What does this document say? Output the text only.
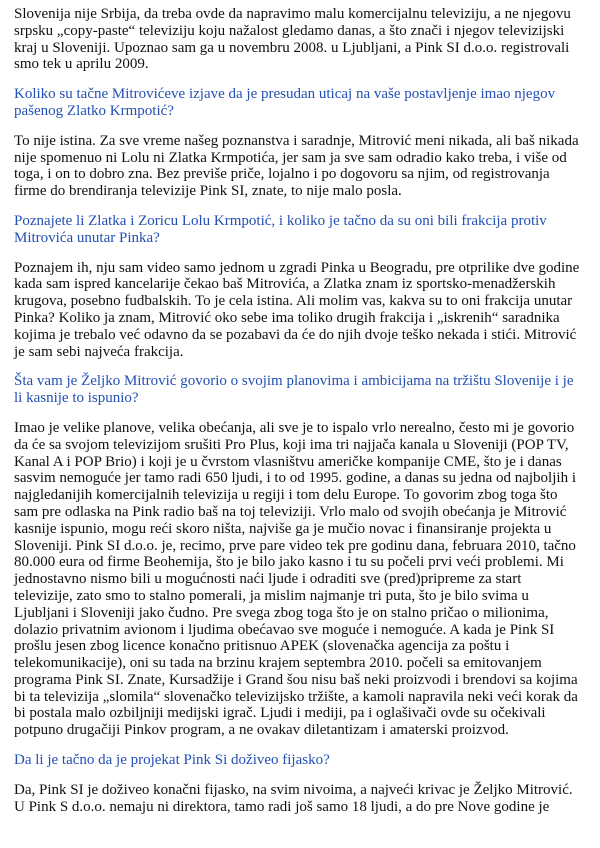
Slovenija nije Srbija, da treba ovde da napravimo malu komercijalnu televiziju, a ne njegovu
srpsku „copy-paste“ televiziju koju nažalost gledamo danas, a što znači i njegov televizijski
kraj u Sloveniji. Upoznao sam ga u novembru 2008. u Ljubljani, a Pink SI d.o.o. registrovali
smo tek u aprilu 2009.
Koliko su tačne Mitrovićeve izjave da je presudan uticaj na vaše postavljenje imao njegov
pašenog Zlatko Krmpotić?
To nije istina. Za sve vreme našeg poznanstva i saradnje, Mitrović meni nikada, ali baš nikada
nije spomenuo ni Lolu ni Zlatka Krmpotića, jer sam ja sve sam odradio kako treba, i više od
toga, i on to dobro zna. Bez previše priče, lojalno i po dogovoru sa njim, od registrovanja
firme do brendiranja televizije Pink SI, znate, to nije malo posla.
Poznajete li Zlatka i Zoricu Lolu Krmpotić, i koliko je tačno da su oni bili frakcija protiv
Mitrovića unutar Pinka?
Poznajem ih, nju sam video samo jednom u zgradi Pinka u Beogradu, pre otprilike dve godine
kada sam ispred kancelarije čekao baš Mitrovića, a Zlatka znam iz sportsko-menadžerskih
krugova, posebno fudbalskih. To je cela istina. Ali molim vas, kakva su to oni frakcija unutar
Pinka? Koliko ja znam, Mitrović oko sebe ima toliko drugih frakcija i „iskrenih“ saradnika
kojima je trebalo već odavno da se pozabavi da će do njih dvoje teško nekada i stići. Mitrović
je sam sebi najveća frakcija.
Šta vam je Željko Mitrović govorio o svojim planovima i ambicijama na tržištu Slovenije i je
li kasnije to ispunio?
Imao je velike planove, velika obećanja, ali sve je to ispalo vrlo nerealno, često mi je govorio
da će sa svojom televizijom srušiti Pro Plus, koji ima tri najjača kanala u Sloveniji (POP TV,
Kanal A i POP Brio) i koji je u čvrstom vlasništvu američke kompanije CME, što je i danas
sasvim nemoguće jer tamo radi 650 ljudi, i to od 1995. godine, a danas su jedna od najboljih i
najgledanijih komercijalnih televizija u regiji i tom delu Europe. To govorim zbog toga što
sam pre odlaska na Pink radio baš na toj televiziji. Vrlo malo od svojih obećanja je Mitrović
kasnije ispunio, mogu reći skoro ništa, najviše ga je mučio novac i finansiranje projekta u
Sloveniji. Pink SI d.o.o. je, recimo, prve pare video tek pre godinu dana, februara 2010, tačno
80.000 eura od firme Beohemija, što je bilo jako kasno i tu su počeli prvi veći problemi. Mi
jednostavno nismo bili u mogućnosti naći ljude i odraditi sve (pred)pripreme za start
televizije, zato smo to stalno pomerali, ja mislim najmanje tri puta, što je bilo svima u
Ljubljani i Sloveniji jako čudno. Pre svega zbog toga što je on stalno pričao o milionima,
dolazio privatnim avionom i ljudima obećavao sve moguće i nemoguće. A kada je Pink SI
prošlu jesen zbog licence konačno pritisnuo APEK (slovenačka agencija za poštu i
telekomunikacije), oni su tada na brzinu krajem septembra 2010. počeli sa emitovanjem
programa Pink SI. Znate, Kursadžije i Grand šou nisu baš neki proizvodi i brendovi sa kojima
bi ta televizija „slomila“ slovenačko televizijsko tržište, a kamoli napravila neki veći korak da
bi postala malo ozbiljniji medijski igrač. Ljudi i mediji, pa i oglašivači ovde su očekivali
potpuno drugačiji Pinkov program, a ne ovakav diletantizam i amaterski proizvod.
Da li je tačno da je projekat Pink Si doživeo fijasko?
Da, Pink SI je doživeo konačni fijasko, na svim nivoima, a najveći krivac je Željko Mitrović.
U Pink S d.o.o. nemaju ni direktora, tamo radi još samo 18 ljudi, a do pre Nove godine je
